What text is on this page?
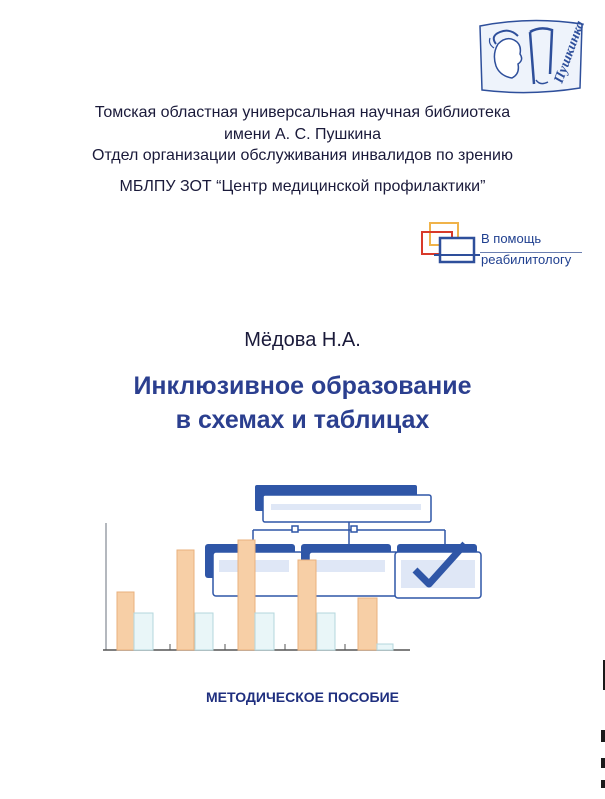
Пушкинка
Томская областная универсальная научная библиотека
имени А. С. Пушкина
Отдел организации обслуживания инвалидов по зрению
МБЛПУ ЗОТ “Центр медицинской профилактики”
В помощь
реабилитологу
Мёдова Н.А.
Инклюзивное образование
в схемах и таблицах
МЕТОДИЧЕСКОЕ ПОСОБИЕ
